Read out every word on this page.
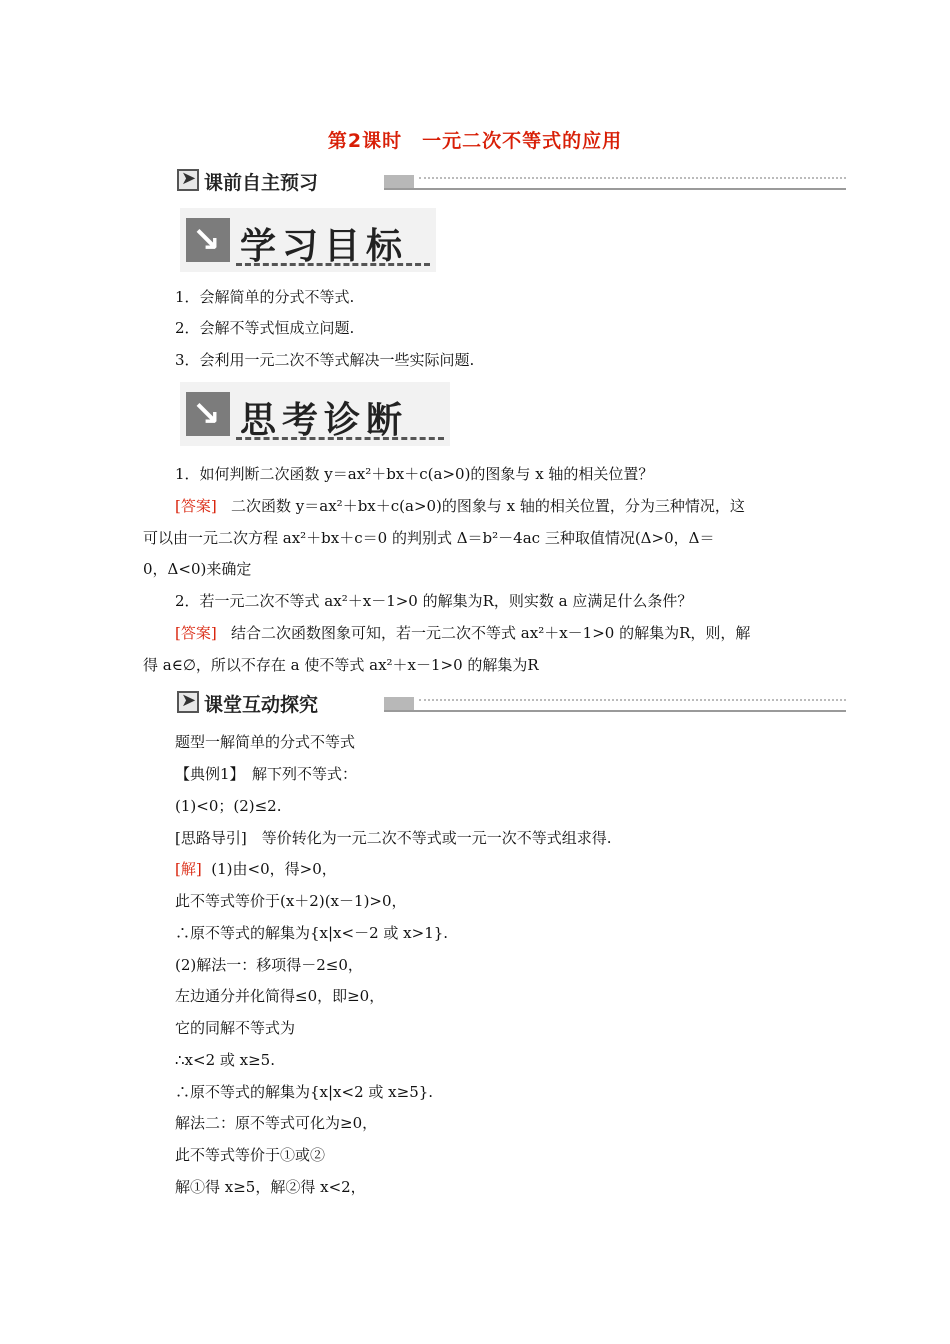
第2课时　一元二次不等式的应用
➤ 课前自主预习
↘ 学习目标
1．会解简单的分式不等式.
2．会解不等式恒成立问题.
3．会利用一元二次不等式解决一些实际问题.
↘ 思考诊断
1．如何判断二次函数 y＝ax²＋bx＋c(a>0)的图象与 x 轴的相关位置？
[答案] 二次函数 y＝ax²＋bx＋c(a>0)的图象与 x 轴的相关位置，分为三种情况，这
可以由一元二次方程 ax²＋bx＋c＝0 的判别式 Δ＝b²－4ac 三种取值情况(Δ>0，Δ＝
0，Δ<0)来确定
2．若一元二次不等式 ax²＋x－1>0 的解集为R，则实数 a 应满足什么条件？
[答案] 结合二次函数图象可知，若一元二次不等式 ax²＋x－1>0 的解集为R，则，解
得 a∈∅，所以不存在 a 使不等式 ax²＋x－1>0 的解集为R
➤ 课堂互动探究
题型一解简单的分式不等式
【典例1】　解下列不等式：
(1)<0；(2)≤2.
[思路导引]　等价转化为一元二次不等式或一元一次不等式组求得.
[解] (1)由<0，得>0，
此不等式等价于(x＋2)(x－1)>0，
∴原不等式的解集为{x|x<－2 或 x>1}.
(2)解法一：移项得－2≤0，
左边通分并化简得≤0，即≥0，
它的同解不等式为
∴x<2 或 x≥5.
∴原不等式的解集为{x|x<2 或 x≥5}.
解法二：原不等式可化为≥0，
此不等式等价于①或②
解①得 x≥5，解②得 x<2，
